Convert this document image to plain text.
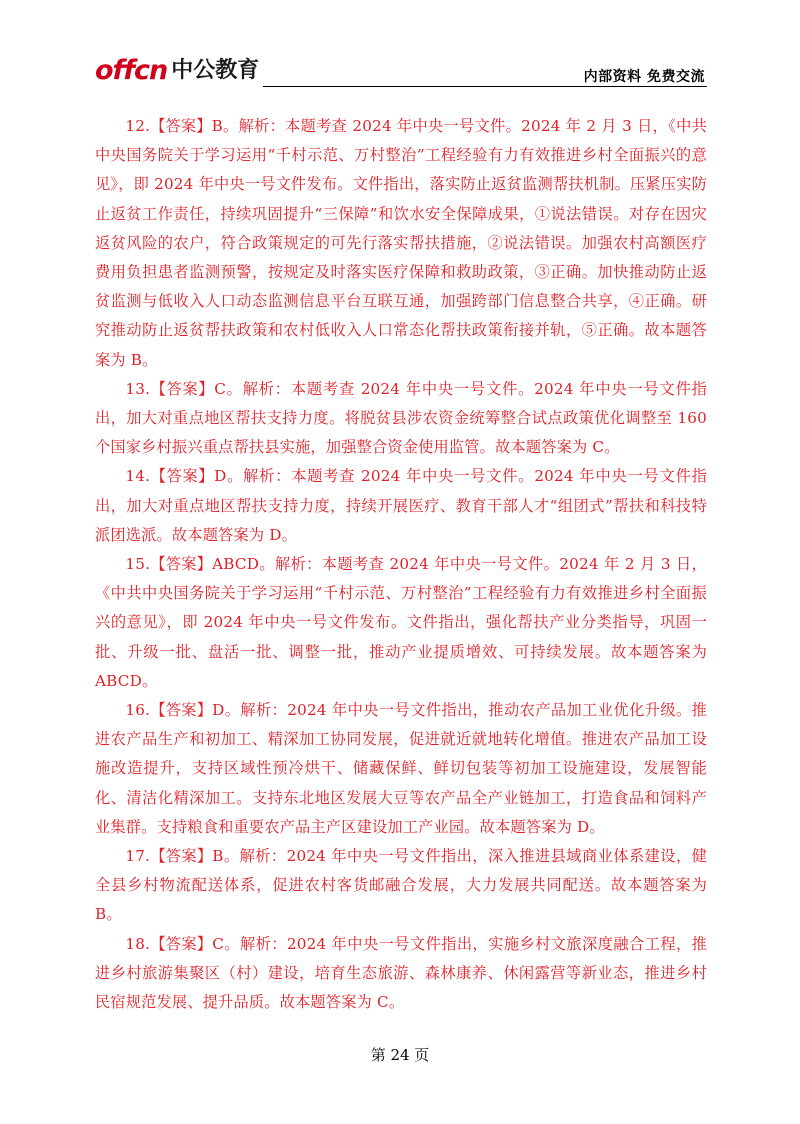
offcn 中公教育	内部资料 免费交流

12.【答案】B。解析：本题考查 2024 年中央一号文件。2024 年 2 月 3 日，《中共中央国务院关于学习运用“千村示范、万村整治”工程经验有力有效推进乡村全面振兴的意见》，即 2024 年中央一号文件发布。文件指出，落实防止返贫监测帮扶机制。压紧压实防止返贫工作责任，持续巩固提升“三保障”和饮水安全保障成果，①说法错误。对存在因灾返贫风险的农户，符合政策规定的可先行落实帮扶措施，②说法错误。加强农村高额医疗费用负担患者监测预警，按规定及时落实医疗保障和救助政策，③正确。加快推动防止返贫监测与低收入人口动态监测信息平台互联互通，加强跨部门信息整合共享，④正确。研究推动防止返贫帮扶政策和农村低收入人口常态化帮扶政策衔接并轨，⑤正确。故本题答案为 B。

13.【答案】C。解析：本题考查 2024 年中央一号文件。2024 年中央一号文件指出，加大对重点地区帮扶支持力度。将脱贫县涉农资金统筹整合试点政策优化调整至 160 个国家乡村振兴重点帮扶县实施，加强整合资金使用监管。故本题答案为 C。

14.【答案】D。解析：本题考查 2024 年中央一号文件。2024 年中央一号文件指出，加大对重点地区帮扶支持力度，持续开展医疗、教育干部人才“组团式”帮扶和科技特派团选派。故本题答案为 D。

15.【答案】ABCD。解析：本题考查 2024 年中央一号文件。2024 年 2 月 3 日，《中共中央国务院关于学习运用“千村示范、万村整治”工程经验有力有效推进乡村全面振兴的意见》，即 2024 年中央一号文件发布。文件指出，强化帮扶产业分类指导，巩固一批、升级一批、盘活一批、调整一批，推动产业提质增效、可持续发展。故本题答案为 ABCD。

16.【答案】D。解析：2024 年中央一号文件指出，推动农产品加工业优化升级。推进农产品生产和初加工、精深加工协同发展，促进就近就地转化增值。推进农产品加工设施改造提升，支持区域性预冷烘干、储藏保鲜、鲜切包装等初加工设施建设，发展智能化、清洁化精深加工。支持东北地区发展大豆等农产品全产业链加工，打造食品和饲料产业集群。支持粮食和重要农产品主产区建设加工产业园。故本题答案为 D。

17.【答案】B。解析：2024 年中央一号文件指出，深入推进县域商业体系建设，健全县乡村物流配送体系，促进农村客货邮融合发展，大力发展共同配送。故本题答案为 B。

18.【答案】C。解析：2024 年中央一号文件指出，实施乡村文旅深度融合工程，推进乡村旅游集聚区（村）建设，培育生态旅游、森林康养、休闲露营等新业态，推进乡村民宿规范发展、提升品质。故本题答案为 C。

第 24 页
